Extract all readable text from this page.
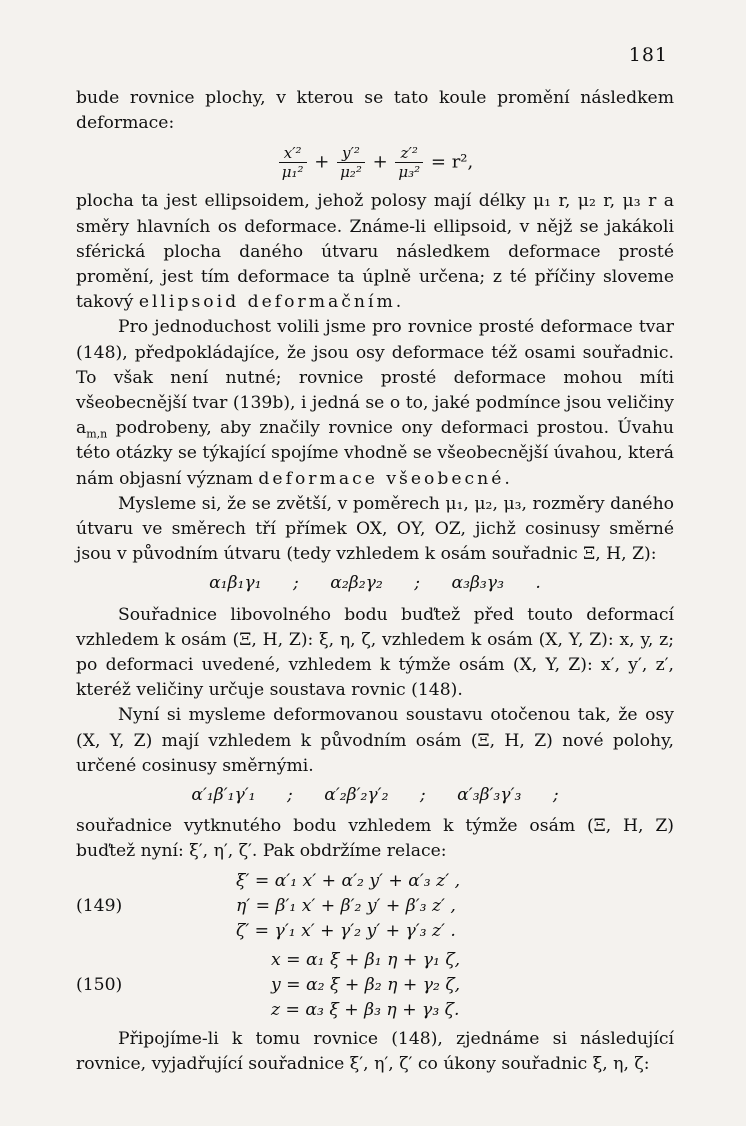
181

bude rovnice plochy, v kterou se tato koule promění následkem deformace:

$\frac{\text{x′²}}{\text{μ₁²}} + \frac{\text{y′²}}{\text{μ₂²}} + \frac{\text{z′²}}{\text{μ₃²}} = r^2$,

plocha ta jest ellipsoidem, jehož polosy mají délky μ₁ r, μ₂ r, μ₃ r a směry hlavních os deformace. Známe-li ellipsoid, v nějž se jakákoli sférická plocha daného útvaru následkem deformace prosté promění, jest tím deformace ta úplně určena; z té příčiny sloveme takový ellipsoid deformačním.

Pro jednoduchost volili jsme pro rovnice prosté deformace tvar (148), předpokládajíce, že jsou osy deformace též osami souřadnic. To však není nutné; rovnice prosté deformace mohou míti všeobecnější tvar (139b), i jedná se o to, jaké podmínce jsou veličiny $a_{m,n}$ podrobeny, aby značily rovnice ony deformaci prostou. Úvahu této otázky se týkající spojíme vhodně se všeobecnější úvahou, která nám objasní význam deformace všeobecné.

Mysleme si, že se zvětší, v poměrech μ₁, μ₂, μ₃, rozměry daného útvaru ve směrech tří přímek OX, OY, OZ, jichž cosinusy směrné jsou v původním útvaru (tedy vzhledem k osám souřadnic Ξ, H, Z):

α₁β₁γ₁ ; α₂β₂γ₂ ; α₃β₃γ₃ .

Souřadnice libovolného bodu buďtež před touto deformací vzhledem k osám (Ξ, H, Z): ξ, η, ζ, vzhledem k osám (X, Y, Z): x, y, z; po deformaci uvedené, vzhledem k týmže osám (X, Y, Z): x′, y′, z′, kteréž veličiny určuje soustava rovnic (148).

Nyní si mysleme deformovanou soustavu otočenou tak, že osy (X, Y, Z) mají vzhledem k původním osám (Ξ, H, Z) nové polohy, určené cosinusy směrnými.

α′₁β′₁γ′₁ ; α′₂β′₂γ′₂ ; α′₃β′₃γ′₃ ;

souřadnice vytknutého bodu vzhledem k týmže osám (Ξ, H, Z) buďtež nyní: ξ′, η′, ζ′. Pak obdržíme relace:

(149)
ξ′ = α′₁ x′ + α′₂ y′ + α′₃ z′ ,
η′ = β′₁ x′ + β′₂ y′ + β′₃ z′ ,
ζ′ = γ′₁ x′ + γ′₂ y′ + γ′₃ z′ .
(150)
x = α₁ ξ + β₁ η + γ₁ ζ,
y = α₂ ξ + β₂ η + γ₂ ζ,
z = α₃ ξ + β₃ η + γ₃ ζ.

Připojíme-li k tomu rovnice (148), zjednáme si následující rovnice, vyjadřující souřadnice ξ′, η′, ζ′ co úkony souřadnic ξ, η, ζ:
